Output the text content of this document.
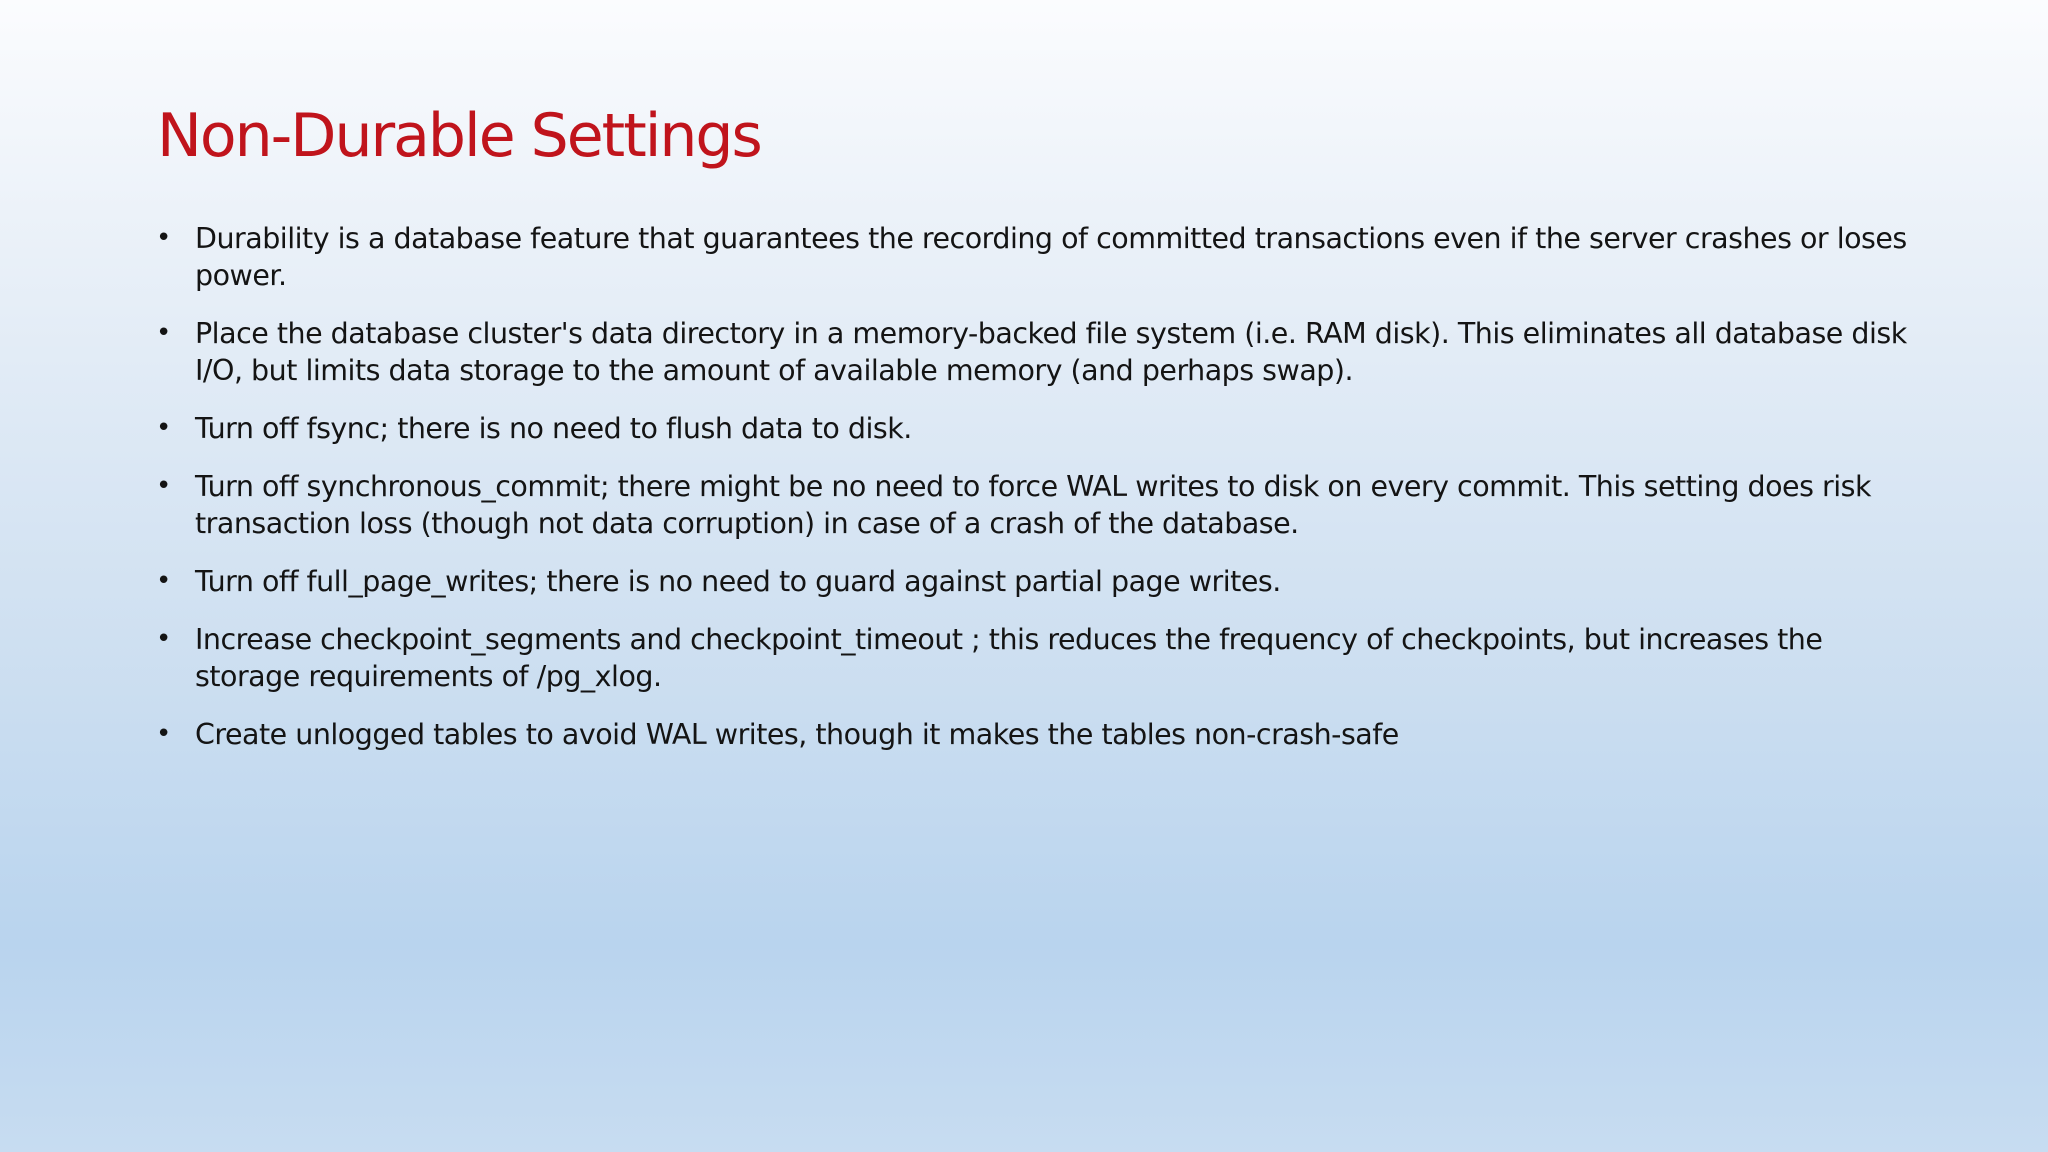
Non-Durable Settings
• Durability is a database feature that guarantees the recording of committed transactions even if the server crashes or loses power.
• Place the database cluster's data directory in a memory-backed file system (i.e. RAM disk). This eliminates all database disk I/O, but limits data storage to the amount of available memory (and perhaps swap).
• Turn off fsync; there is no need to flush data to disk.
• Turn off synchronous_commit; there might be no need to force WAL writes to disk on every commit. This setting does risk transaction loss (though not data corruption) in case of a crash of the database.
• Turn off full_page_writes; there is no need to guard against partial page writes.
• Increase checkpoint_segments and checkpoint_timeout ; this reduces the frequency of checkpoints, but increases the storage requirements of /pg_xlog.
• Create unlogged tables to avoid WAL writes, though it makes the tables non-crash-safe
